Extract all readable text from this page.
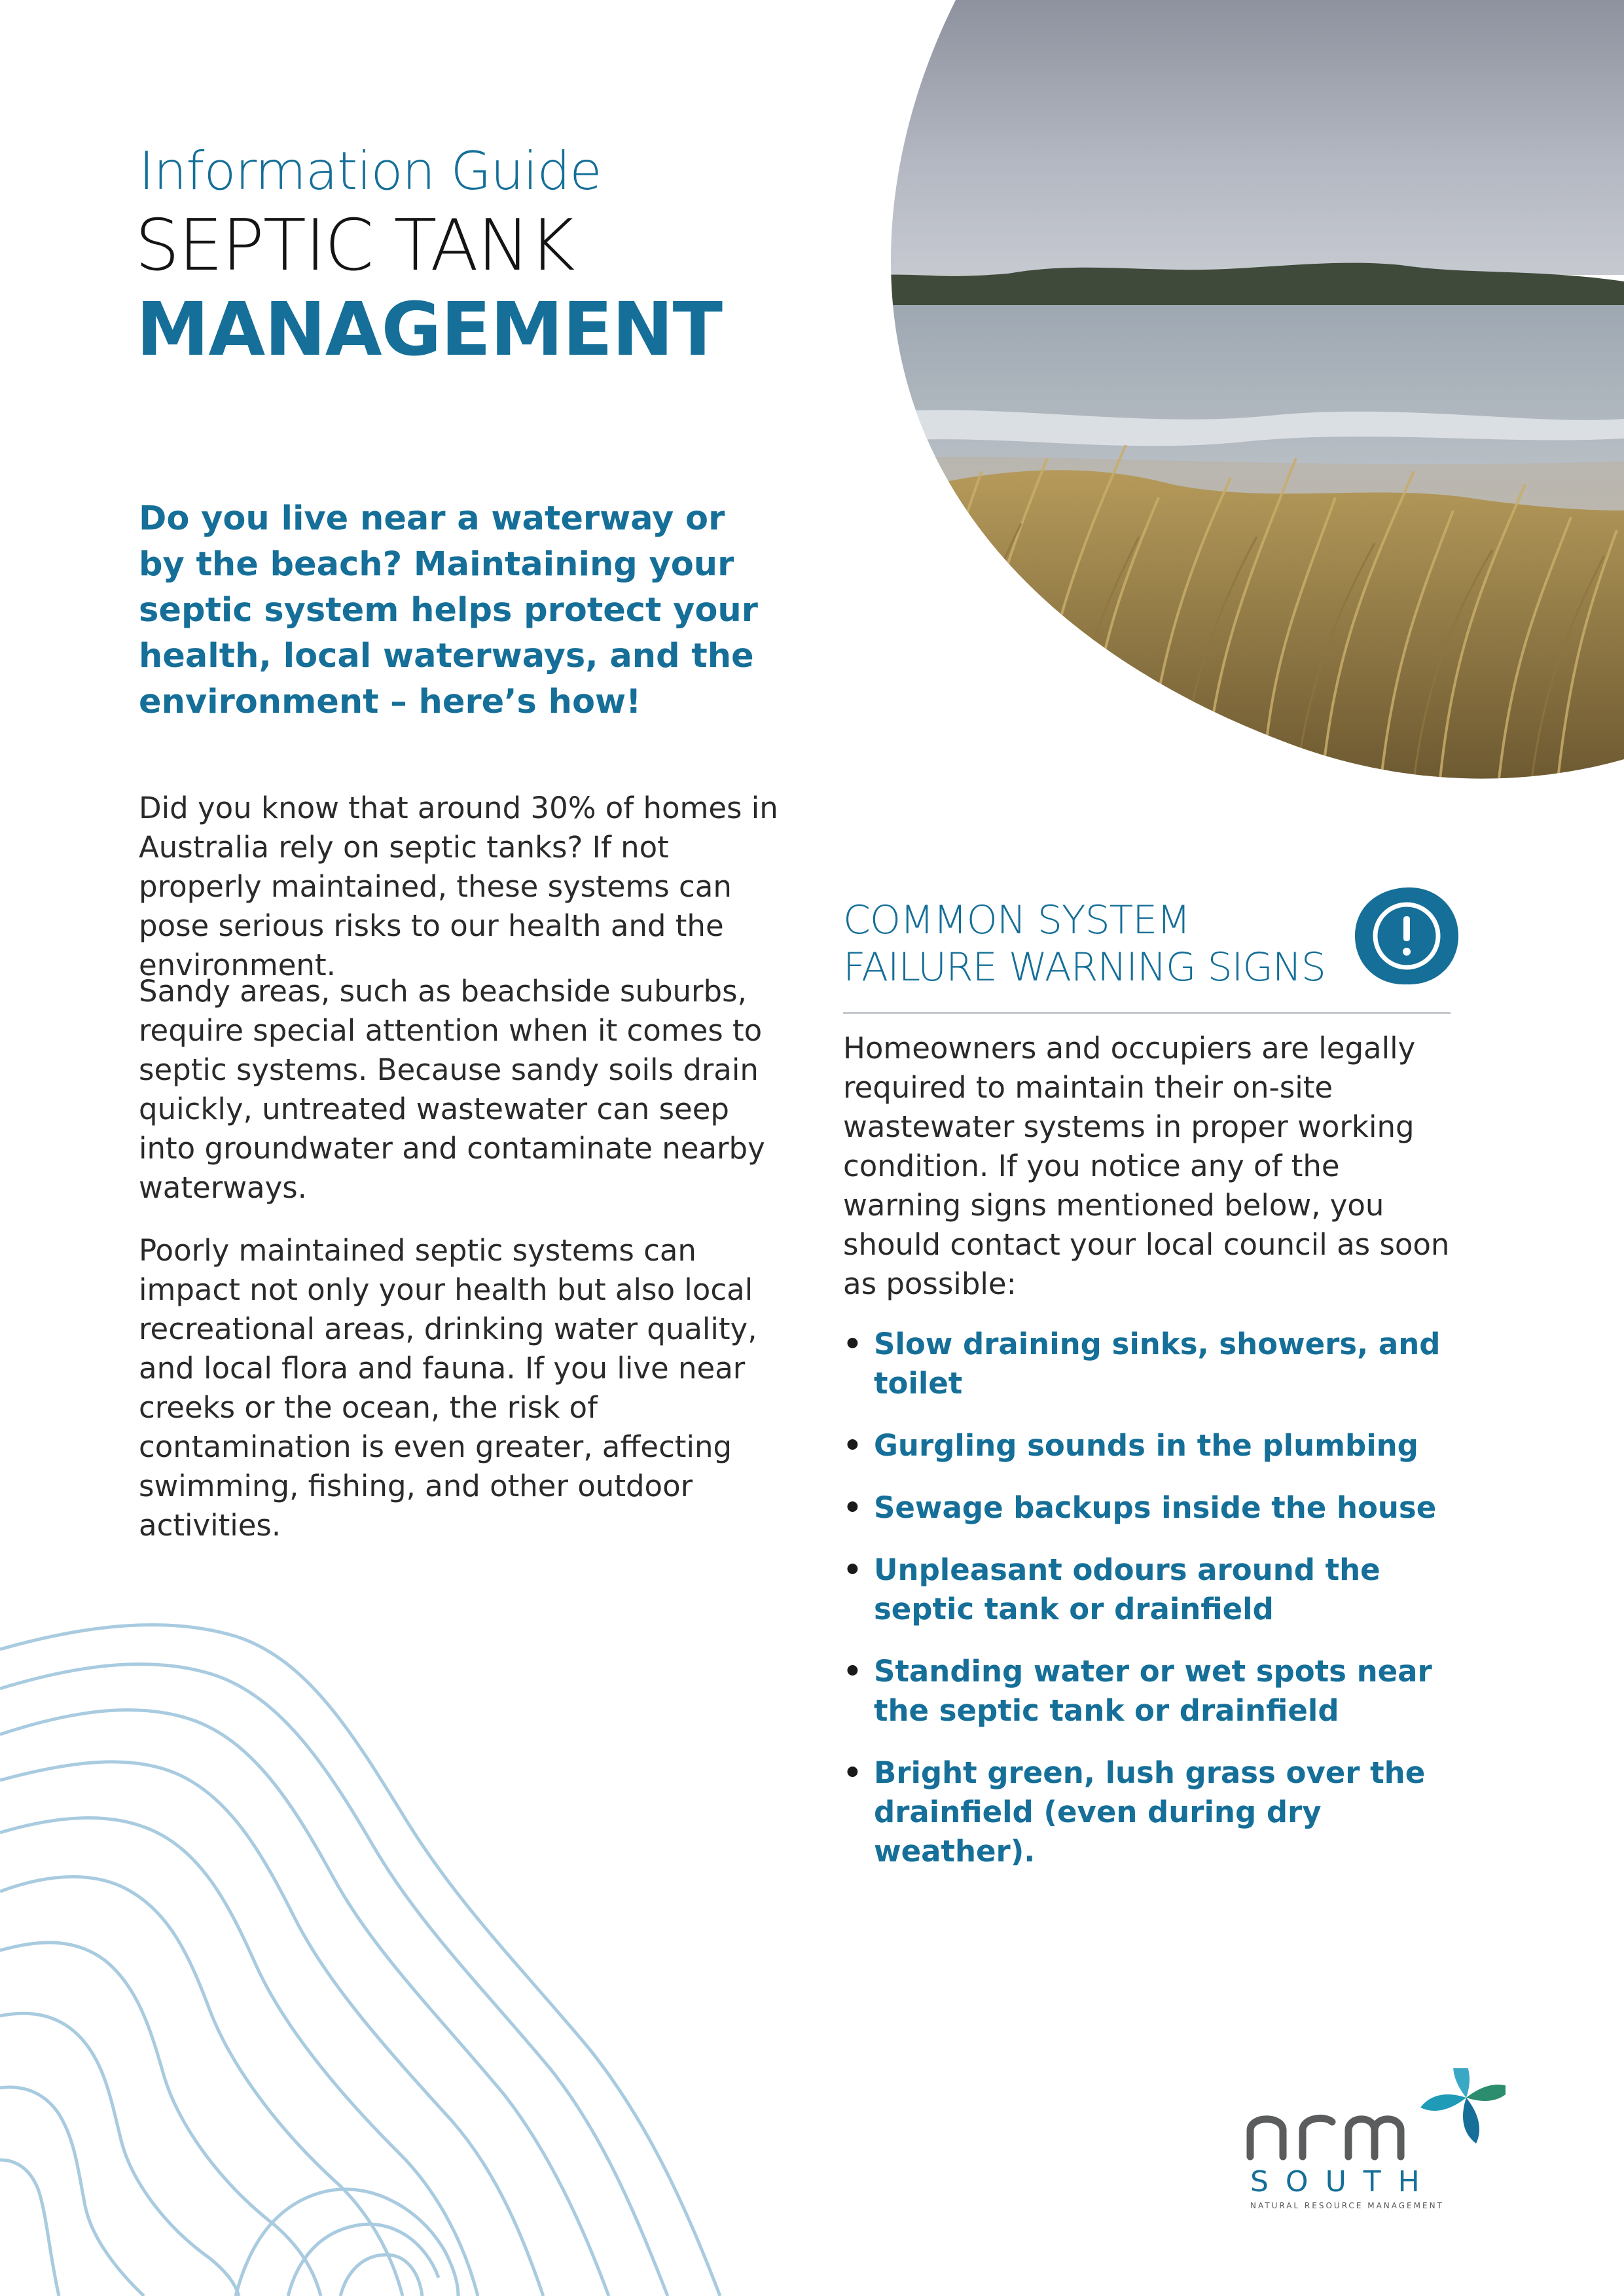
Information Guide
SEPTIC TANK
MANAGEMENT
Do you live near a waterway or by the beach? Maintaining your septic system helps protect your health, local waterways, and the environment – here’s how!

Did you know that around 30% of homes in Australia rely on septic tanks? If not properly maintained, these systems can pose serious risks to our health and the environment.

Sandy areas, such as beachside suburbs, require special attention when it comes to septic systems. Because sandy soils drain quickly, untreated wastewater can seep into groundwater and contaminate nearby waterways.

Poorly maintained septic systems can impact not only your health but also local recreational areas, drinking water quality, and local flora and fauna. If you live near creeks or the ocean, the risk of contamination is even greater, affecting swimming, fishing, and other outdoor activities.

COMMON SYSTEM FAILURE WARNING SIGNS
Homeowners and occupiers are legally required to maintain their on-site wastewater systems in proper working condition. If you notice any of the warning signs mentioned below, you should contact your local council as soon as possible:
• Slow draining sinks, showers, and toilet
• Gurgling sounds in the plumbing
• Sewage backups inside the house
• Unpleasant odours around the septic tank or drainfield
• Standing water or wet spots near the septic tank or drainfield
• Bright green, lush grass over the drainfield (even during dry weather).
SOUTH
NATURAL RESOURCE MANAGEMENT
